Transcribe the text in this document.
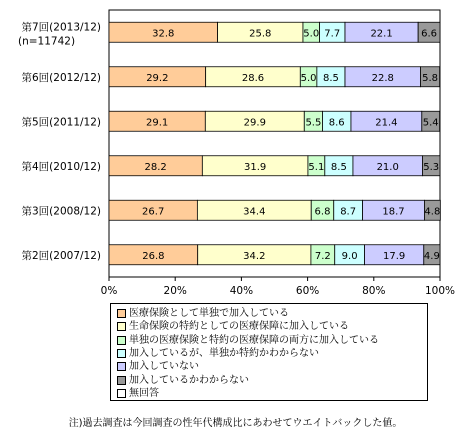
32.8	25.8	5.0 7.7	22.1	6.6
第7回(2013/12)
(n=11742)
29.2	28.6	5.0 8.5	22.8	5.8
第6回(2012/12)
29.1	29.9	5.5 8.6	21.4	5.4
第5回(2011/12)
28.2	31.9	5.1 8.5	21.0 5.3
第4回(2010/12)
26.7	34.4	6.8 8.7	18.7 4.8
第3回(2008/12)
26.8	34.2	7.2 9.0	17.9 4.9
第2回(2007/12)
0%	20%	40%	60%	80%	100%
医療保険として単独で加入している
生命保険の特約としての医療保障に加入している
単独の医療保険と特約の医療保障の両方に加入している
加入しているが、単独か特約かわからない
加入していない
加入しているかわからない
無回答
注)過去調査は今回調査の性年代構成比にあわせてウエイトバックした値。
